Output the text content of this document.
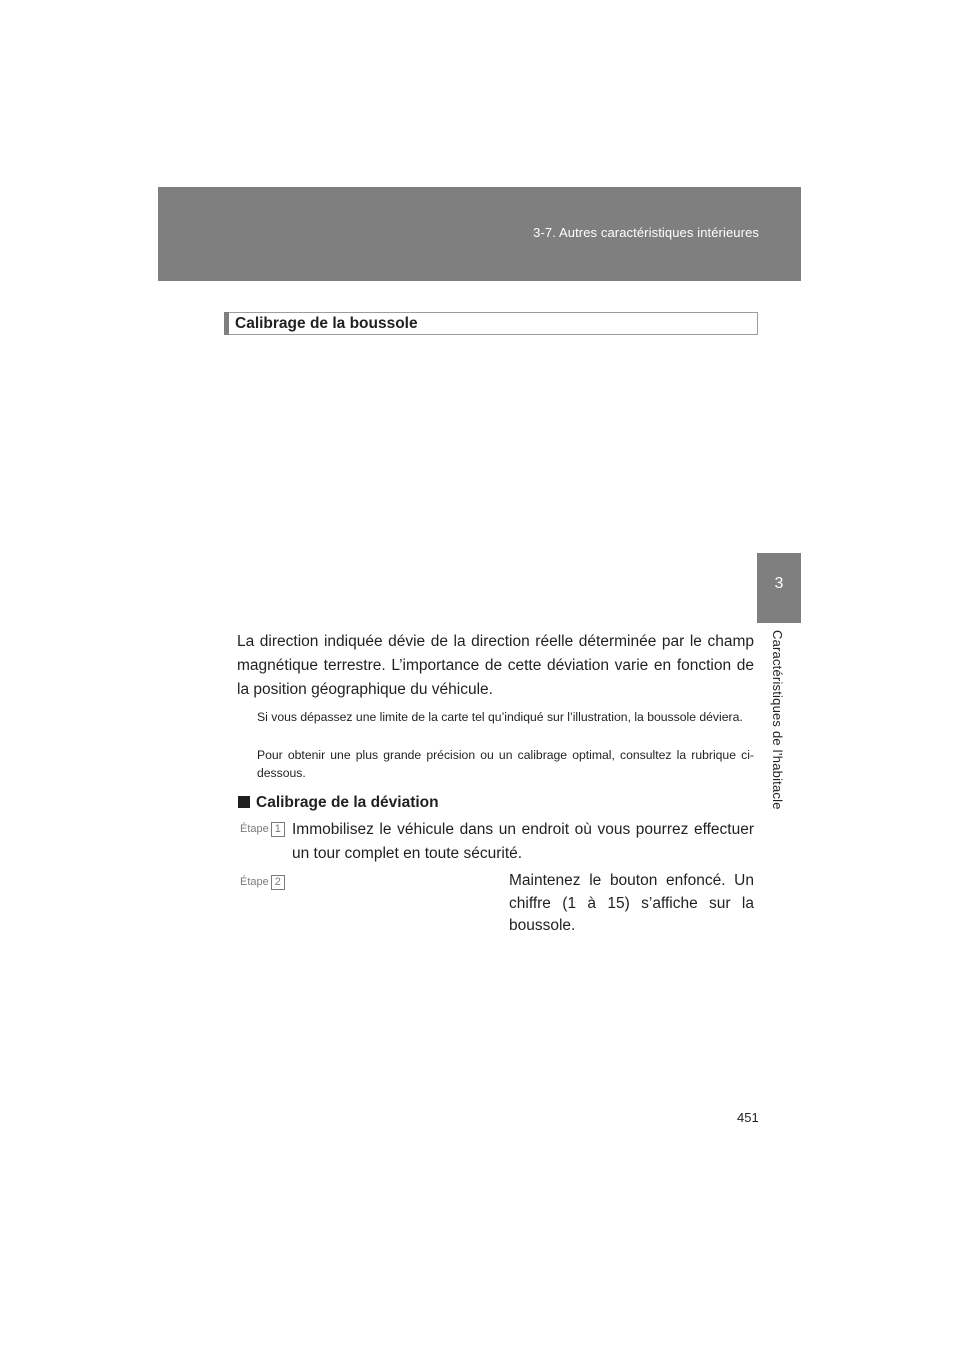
3-7. Autres caractéristiques intérieures
3
Caractéristiques de l’habitacle
Calibrage de la boussole

La direction indiquée dévie de la direction réelle déterminée par le champ magnétique terrestre. L’importance de cette déviation varie en fonction de la position géographique du véhicule.

Si vous dépassez une limite de la carte tel qu’indiqué sur l’illustration, la boussole déviera.

Pour obtenir une plus grande précision ou un calibrage optimal, consultez la rubrique ci-dessous.

Calibrage de la déviation
Étape 1 Immobilisez le véhicule dans un endroit où vous pourrez effectuer un tour complet en toute sécurité.

Étape 2	Maintenez le bouton enfoncé. Un chiffre (1 à 15) s’affiche sur la boussole.

451
